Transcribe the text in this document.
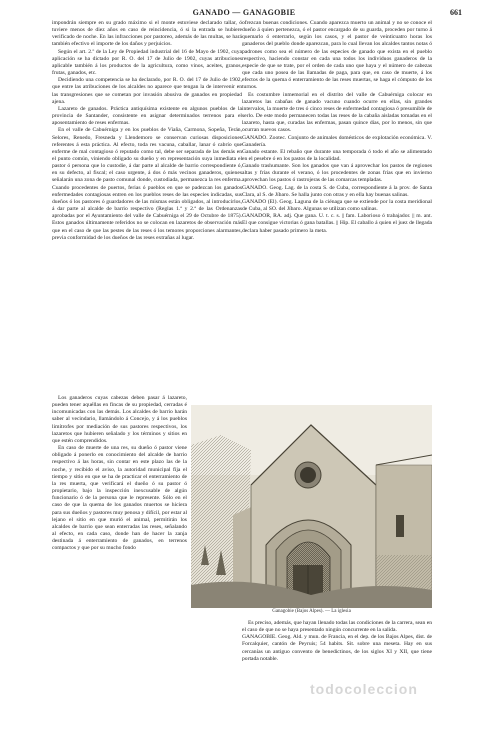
GANADO — GANAGOBIE	661

impondrán siempre en su grado máximo si el monte estuviese declarado tallar, ó tuviere menos de diez años en caso de reincidencia, ó si la entrada se hubiere verificado de noche. En las infracciones por pastoreo, además de las multas, se hará también efectivo el importe de los daños y perjuicios.

Según el art. 2.º de la Ley de Propiedad industrial del 16 de Mayo de 1902, cuya aplicación se ha dictado por R. O. del 17 de Julio de 1902, cuyas atribuciones aplicable también á los productos de la agricultura, como vinos, aceites, granos, frutas, ganados, etc.

Decidiendo una competencia se ha declarado, por R. O. del 17 de Julio de 1902, que entre las atribuciones de los alcaldes no aparece que tengan la de intervenir en las transgresiones que se cometan por invasión abusiva de ganados en propiedad ajena.

Lazareto de ganados. Práctica antiquísima existente en algunos pueblos de la provincia de Santander, consistente en asignar determinados terrenos para el aposentamiento de reses enfermas.

En el valle de Cabuérniga y en los pueblos de Viaña, Carmona, Sopeña, Terán, Selores, Renedo, Fresneda y Llendemoro se conservan curiosas disposiciones referentes á esta práctica. Al efecto, toda res vacuna, caballar, lanar ó cabrío que enferme de mal contagioso ó reputado como tal, debe ser separada de las demás en el punto común, viniendo obligado su dueño y en representación suya inmediata el pastor ó persona que lo custodie, á dar parte al alcalde de barrio correspondiente ó, en su defecto, al fiscal; el caso urgente, á dos ó más vecinos ganaderos, quienes señalarán una zona de pasto comunal donde, custodiada, permanezca la res enferma. Cuando procedentes de puertos, ferias ó pueblos en que se padezcan los ganados enfermedades contagiosas entren en los pueblos reses de las especies indicadas, sus dueños ó los pastores ó guardadores de las mismas están obligados, al introducirlos, á dar parte al alcalde de barrio respectivo (Reglas 1.ª y 2.ª de las Ordenanzas aprobadas por el Ayuntamiento del valle de Cabuérniga el 29 de Octubre de 1875). Estos ganados últimamente referidos no se colocan en lazaretos de observación más que en el caso de que las pestes de las reses ó los temores proporciones alarmantes, previa conformidad de los dueños de las reses extrañas al lugar.

Los ganaderos cuyas cabezas deben pasar á lazareto, pueden tener aquéllas en fincas de su propiedad, cerradas é incomunicadas con las demás. Los alcaldes de barrio harán saber al vecindario, llamándolo á Concejo, y á los pueblos limítrofes por mediación de sus pastores respectivos, los lazaretos que hubieren señalado y los términos y sitios en que estén comprendidos.

En caso de muerte de una res, su dueño ó pastor viene obligado á ponerlo en conocimiento del alcalde de barrio respectivo á las horas, sin contar en este plazo las de la noche, y recibido el aviso, la autoridad municipal fija el tiempo y sitio en que se ha de practicar el enterramiento de la res muerta, que verificará el dueño ó su pastor ó propietario, bajo la inspección inexcusable de algún funcionario ó de la persona que le represente. Sólo en el caso de que la quema de los ganados muertos se hiciera para sus dueños y pastores muy penosa y difícil, por estar al lejano el sitio en que murió el animal, permitirán los alcaldes de barrio que sean enterradas las reses, señalando al efecto, en cada caso, donde han de hacer la zanja destinada á enterramiento de ganados, en terrenos compactos y que por su mucho fondo

ofrezcan buenas condiciones. Cuando aparezca muerto un animal y no se conoce el dueño á quien pertenezca, ó el pastor encargado de su guarda, proceden por turno á quemarlo ó enterrarlo, según los casos, y el pastor de veinticuatro horas los ganaderos del pueblo donde aparezcan, para lo cual llevan los alcaldes tantos notas ó padrones como sea el número de las especies de ganado que exista en el pueblo respectivo, haciendo constar en cada una todos los individuos ganaderos de la especie de que se trate, por el orden de cada uno que haya y el número de cabezas que cada uno posea de las llamadas de paga, para que, en caso de muerte, á los efectos de la quema ó enterramiento de las reses muertas, se haga el cómputo de los turnos.

Es costumbre inmemorial en el distrito del valle de Cabuérniga colocar en lazaretos las cabañas de ganado vacuno cuando ocurre en ellas, sin grandes intervalos, la muerte de tres ó cinco reses de enfermedad contagiosa ó presumible de serlo. De este modo permanecen todas las reses de la cabaña aisladas tomadas en el lazareto, hasta que, curadas las enfermas, pasan quince días, por lo menos, sin que ocurran nuevos casos.

GANADO. Zootec. Conjunto de animales domésticos de explotación económica. V. Ganadería.

Ganado estante. El rebaño que durante una temporada ó todo el año se alimentado en el pesebre ó en los pastos de la localidad.

Ganado trashumante. Son los ganados que van á aprovechar los pastos de regiones altas y frías durante el verano, ó los procedentes de zonas frías que en invierno aprovechan los pastos ó rastrojeras de las comarcas templadas.

GANADO. Geog. Lag. de la costa S. de Cuba, correspondiente á la prov. de Santa Clara, al S. de Jíbaro. Se halla junto con otras y en ella hay buenas salinas.

GANADO (El). Geog. Laguna de la ciénaga que se extiende por la costa meridional de Cuba, al SO. del Jíbaro. Algunas se utilizan como salinas.

GANADOR, RA. adj. Que gana. U. t. c. s. || fam. Laborioso ó trabajador. || m. ant. El que consigue victorias ó gana batallas. || Hip. El caballo á quien el juez de llegada declara haber pasado primero la meta.

Ganagobie (Bajos Alpes). — La iglesia

Es preciso, además, que hayan llenado todas las condiciones de la carrera, sean en el caso de que no se haya presentado ningún concurrente en la salida.

GANAGOBIE. Geog. Ald. y mun. de Francia, en el dep. de los Bajos Alpes, dist. de Forcalquier, cantón de Peyruis; 54 habits. Sit. sobre una meseta. Hay en sus cercanías un antiguo convento de benedictinos, de los siglos XI y XII, que tiene portada notable.

todocoleccion
